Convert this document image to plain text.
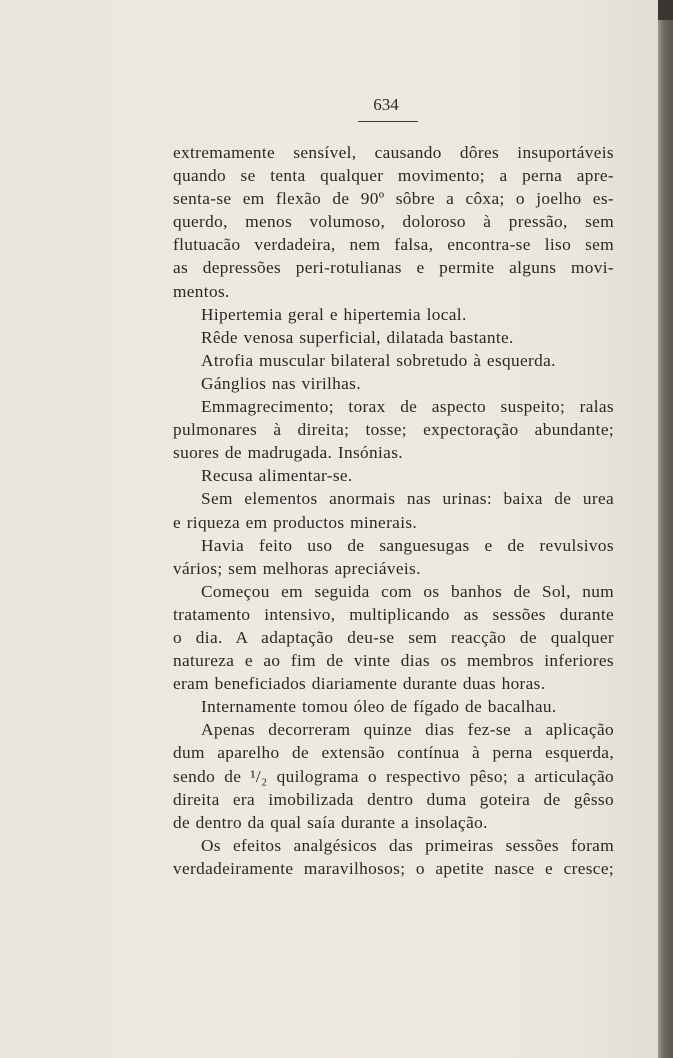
634
extremamente sensível, causando dôres insuportáveis
quando se tenta qualquer movimento; a perna apre-
senta-se em flexão de 90º sôbre a côxa; o joelho es-
querdo, menos volumoso, doloroso à pressão, sem
flutuacão verdadeira, nem falsa, encontra-se liso sem
as depressões peri-rotulianas e permite alguns movi-
mentos.
Hipertemia geral e hipertemia local.
Rêde venosa superficial, dilatada bastante.
Atrofia muscular bilateral sobretudo à esquerda.
Gánglios nas virilhas.
Emmagrecimento; torax de aspecto suspeito; ralas
pulmonares à direita; tosse; expectoração abundante;
suores de madrugada. Insónias.
Recusa alimentar-se.
Sem elementos anormais nas urinas: baixa de urea
e riqueza em productos minerais.
Havia feito uso de sanguesugas e de revulsivos
vários; sem melhoras apreciáveis.
Começou em seguida com os banhos de Sol, num
tratamento intensivo, multiplicando as sessões durante
o dia. A adaptação deu-se sem reacção de qualquer
natureza e ao fim de vinte dias os membros inferiores
eram beneficiados diariamente durante duas horas.
Internamente tomou óleo de fígado de bacalhau.
Apenas decorreram quinze dias fez-se a aplicação
dum aparelho de extensão contínua à perna esquerda,
sendo de ¹/₂ quilograma o respectivo pêso; a articulação
direita era imobilizada dentro duma goteira de gêsso
de dentro da qual saía durante a insolação.
Os efeitos analgésicos das primeiras sessões foram
verdadeiramente maravilhosos; o apetite nasce e cresce;
